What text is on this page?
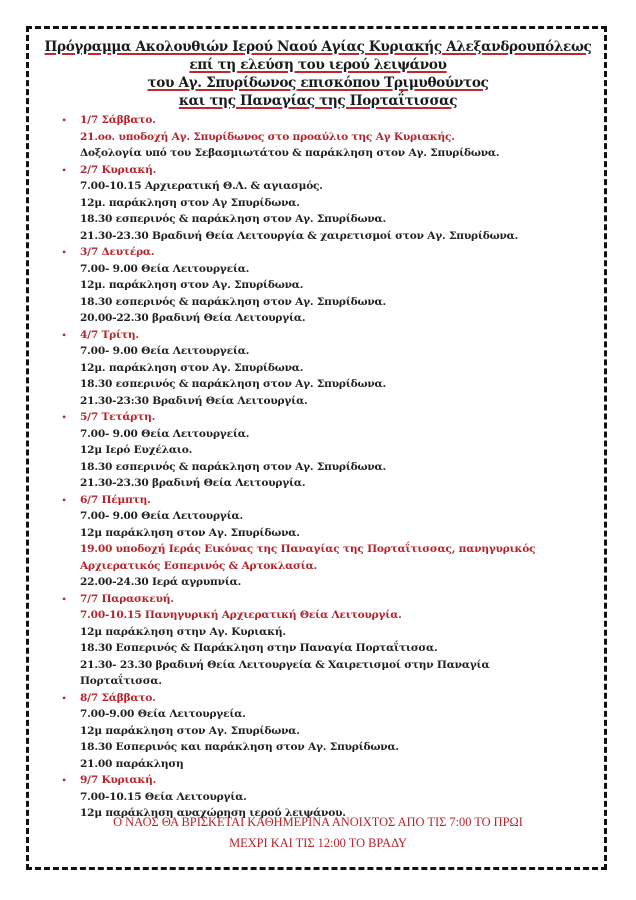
Πρόγραμμα Ακολουθιών Ιερού Ναού Αγίας Κυριακής Αλεξανδρουπόλεως
επί τη ελεύση του ιερού λειψάνου
του Αγ. Σπυρίδωνος επισκόπου Τριμυθούντος
και της Παναγίας της Πορταΐτισσας
• 1/7 Σάββατο.
21.οο. υποδοχή Αγ. Σπυρίδωνος στο προαύλιο της Αγ Κυριακής.
Δοξολογία υπό του Σεβασμιωτάτου & παράκληση στον Αγ. Σπυρίδωνα.
• 2/7 Κυριακή.
7.00-10.15 Αρχιερατική Θ.Λ. & αγιασμός.
12μ. παράκληση στον Αγ Σπυρίδωνα.
18.30 εσπερινός & παράκληση στον Αγ. Σπυρίδωνα.
21.30-23.30 Βραδινή Θεία Λειτουργία & χαιρετισμοί στον Αγ. Σπυρίδωνα.
• 3/7 Δευτέρα.
7.00- 9.00 Θεία Λειτουργεία.
12μ. παράκληση στον Αγ. Σπυρίδωνα.
18.30 εσπερινός & παράκληση στον Αγ. Σπυρίδωνα.
20.00-22.30 βραδινή Θεία Λειτουργία.
• 4/7 Τρίτη.
7.00- 9.00 Θεία Λειτουργεία.
12μ. παράκληση στον Αγ. Σπυρίδωνα.
18.30 εσπερινός & παράκληση στον Αγ. Σπυρίδωνα.
21.30-23:30 Βραδινή Θεία Λειτουργία.
• 5/7 Τετάρτη.
7.00- 9.00 Θεία Λειτουργεία.
12μ Ιερό Ευχέλαιο.
18.30 εσπερινός & παράκληση στον Αγ. Σπυρίδωνα.
21.30-23.30 βραδινή Θεία Λειτουργία.
• 6/7 Πέμπτη.
7.00- 9.00 Θεία Λειτουργία.
12μ παράκληση στον Αγ. Σπυρίδωνα.
19.00 υποδοχή Ιεράς Εικόνας της Παναγίας της Πορταΐτισσας, πανηγυρικός
Αρχιερατικός Εσπερινός & Αρτοκλασία.
22.00-24.30 Ιερά αγρυπνία.
• 7/7 Παρασκευή.
7.00-10.15 Πανηγυρική Αρχιερατική Θεία Λειτουργία.
12μ παράκληση στην Αγ. Κυριακή.
18.30 Εσπερινός & Παράκληση στην Παναγία Πορταΐτισσα.
21.30- 23.30 βραδινή Θεία Λειτουργεία & Χαιρετισμοί στην Παναγία
Πορταΐτισσα.
• 8/7 Σάββατο.
7.00-9.00 Θεία Λειτουργεία.
12μ παράκληση στον Αγ. Σπυρίδωνα.
18.30 Εσπερινός και παράκληση στον Αγ. Σπυρίδωνα.
21.00 παράκληση
• 9/7 Κυριακή.
7.00-10.15 Θεία Λειτουργία.
12μ παράκληση αναχώρηση ιερού λειψάνου.
Ο ΝΑΟΣ ΘΑ ΒΡΙΣΚΕΤΑΙ ΚΑΘΗΜΕΡΙΝΑ ΑΝΟΙΧΤΟΣ ΑΠΟ ΤΙΣ 7:00 ΤΟ ΠΡΩΙ
ΜΕΧΡΙ ΚΑΙ ΤΙΣ 12:00 ΤΟ ΒΡΑΔΥ
